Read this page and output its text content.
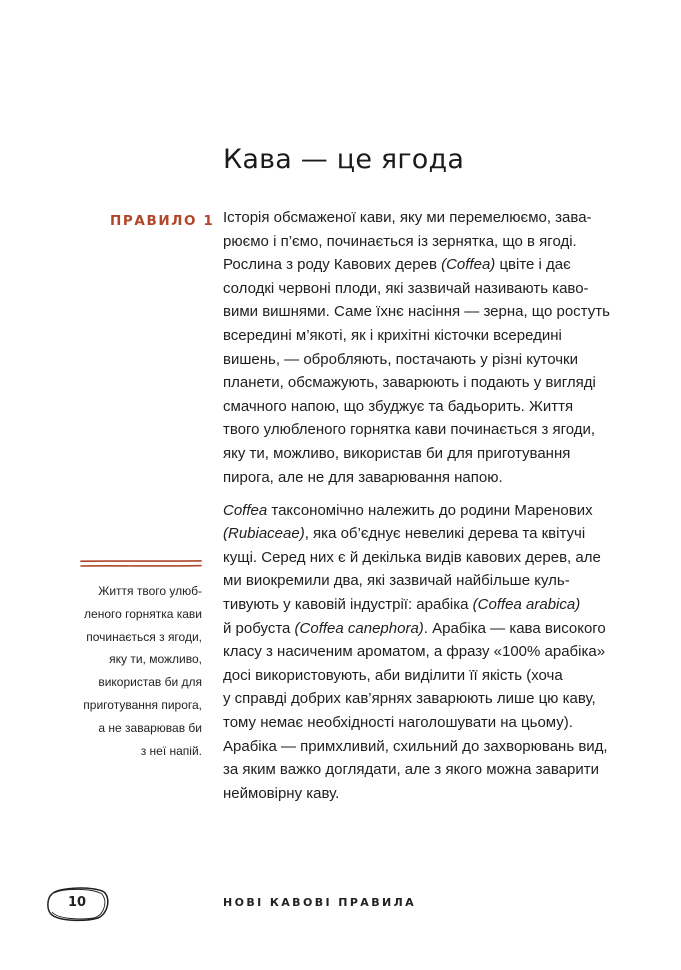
Кава — це ягода
ПРАВИЛО 1 Історія обсмаженої кави, яку ми перемелюємо, зава-
рюємо і п’ємо, починається із зернятка, що в ягоді.
Рослина з роду Кавових дерев (Coffea) цвіте і дає
солодкі червоні плоди, які зазвичай називають каво-
вими вишнями. Саме їхнє насіння — зерна, що ростуть
всередині м’якоті, як і крихітні кісточки всередині
вишень, — обробляють, постачають у різні куточки
планети, обсмажують, заварюють і подають у вигляді
смачного напою, що збуджує та бадьорить. Життя
твого улюбленого горнятка кави починається з ягоди,
яку ти, можливо, використав би для приготування
пирога, але не для заварювання напою.
Coffea таксономічно належить до родини Маренових
(Rubiaceae), яка об’єднує невеликі дерева та квітучі
кущі. Серед них є й декілька видів кавових дерев, але
ми виокремили два, які зазвичай найбільше куль-
тивують у кавовій індустрії: арабіка (Coffea arabica)
й робуста (Coffea canephora). Арабіка — кава високого
класу з насиченим ароматом, а фразу «100% арабіка»
досі використовують, аби виділити її якість (хоча
у справді добрих кав’ярнях заварюють лише цю каву,
тому немає необхідності наголошувати на цьому).
Арабіка — примхливий, схильний до захворювань вид,
за яким важко доглядати, але з якого можна заварити
неймовірну каву.
Життя твого улюб-
леного горнятка кави
починається з ягоди,
яку ти, можливо,
використав би для
приготування пирога,
а не заварював би
з неї напій.
10	НОВІ КАВОВІ ПРАВИЛА
